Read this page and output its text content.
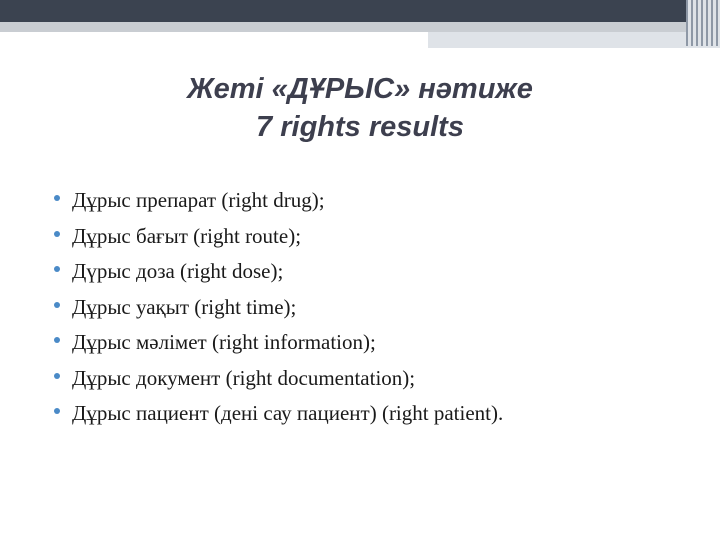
Жеті «ДҰРЫС» нәтиже
7 rights results
Дұрыс препарат (right drug);
Дұрыс бағыт (right route);
Дүрыс доза (right dose);
Дұрыс уақыт (right time);
Дұрыс мәлімет (right information);
Дұрыс документ (right documentation);
Дұрыс пациент (дені сау пациент) (right patient).
